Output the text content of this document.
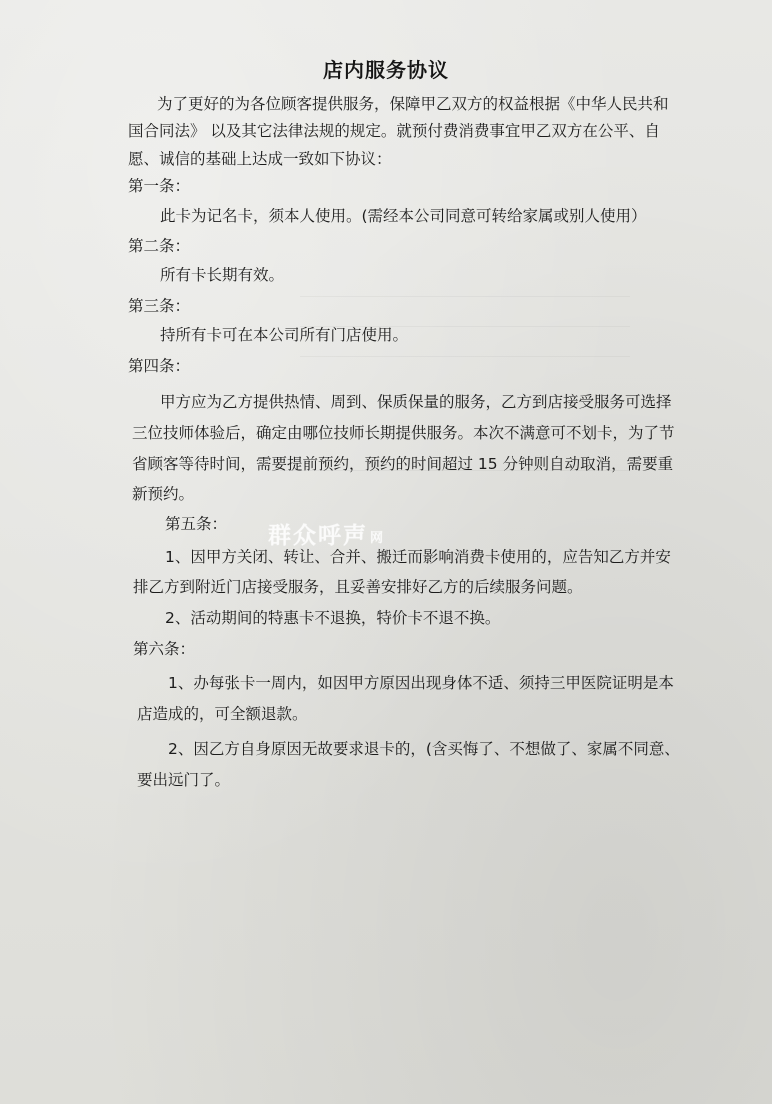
店内服务协议

为了更好的为各位顾客提供服务，保障甲乙双方的权益根据《中华人民共和

国合同法》 以及其它法律法规的规定。就预付费消费事宜甲乙双方在公平、自

愿、诚信的基础上达成一致如下协议：

第一条：

此卡为记名卡，须本人使用。(需经本公司同意可转给家属或别人使用）

第二条：

所有卡长期有效。

第三条：

持所有卡可在本公司所有门店使用。

第四条：

甲方应为乙方提供热情、周到、保质保量的服务，乙方到店接受服务可选择

三位技师体验后，确定由哪位技师长期提供服务。本次不满意可不划卡，为了节

省顾客等待时间，需要提前预约，预约的时间超过 15 分钟则自动取消，需要重

新预约。

第五条：

1、因甲方关闭、转让、合并、搬迁而影响消费卡使用的，应告知乙方并安

排乙方到附近门店接受服务，且妥善安排好乙方的后续服务问题。

2、活动期间的特惠卡不退换，特价卡不退不换。

第六条：

1、办每张卡一周内，如因甲方原因出现身体不适、须持三甲医院证明是本

店造成的，可全额退款。

2、因乙方自身原因无故要求退卡的，(含买悔了、不想做了、家属不同意、

要出远门了。

群众呼声 网
